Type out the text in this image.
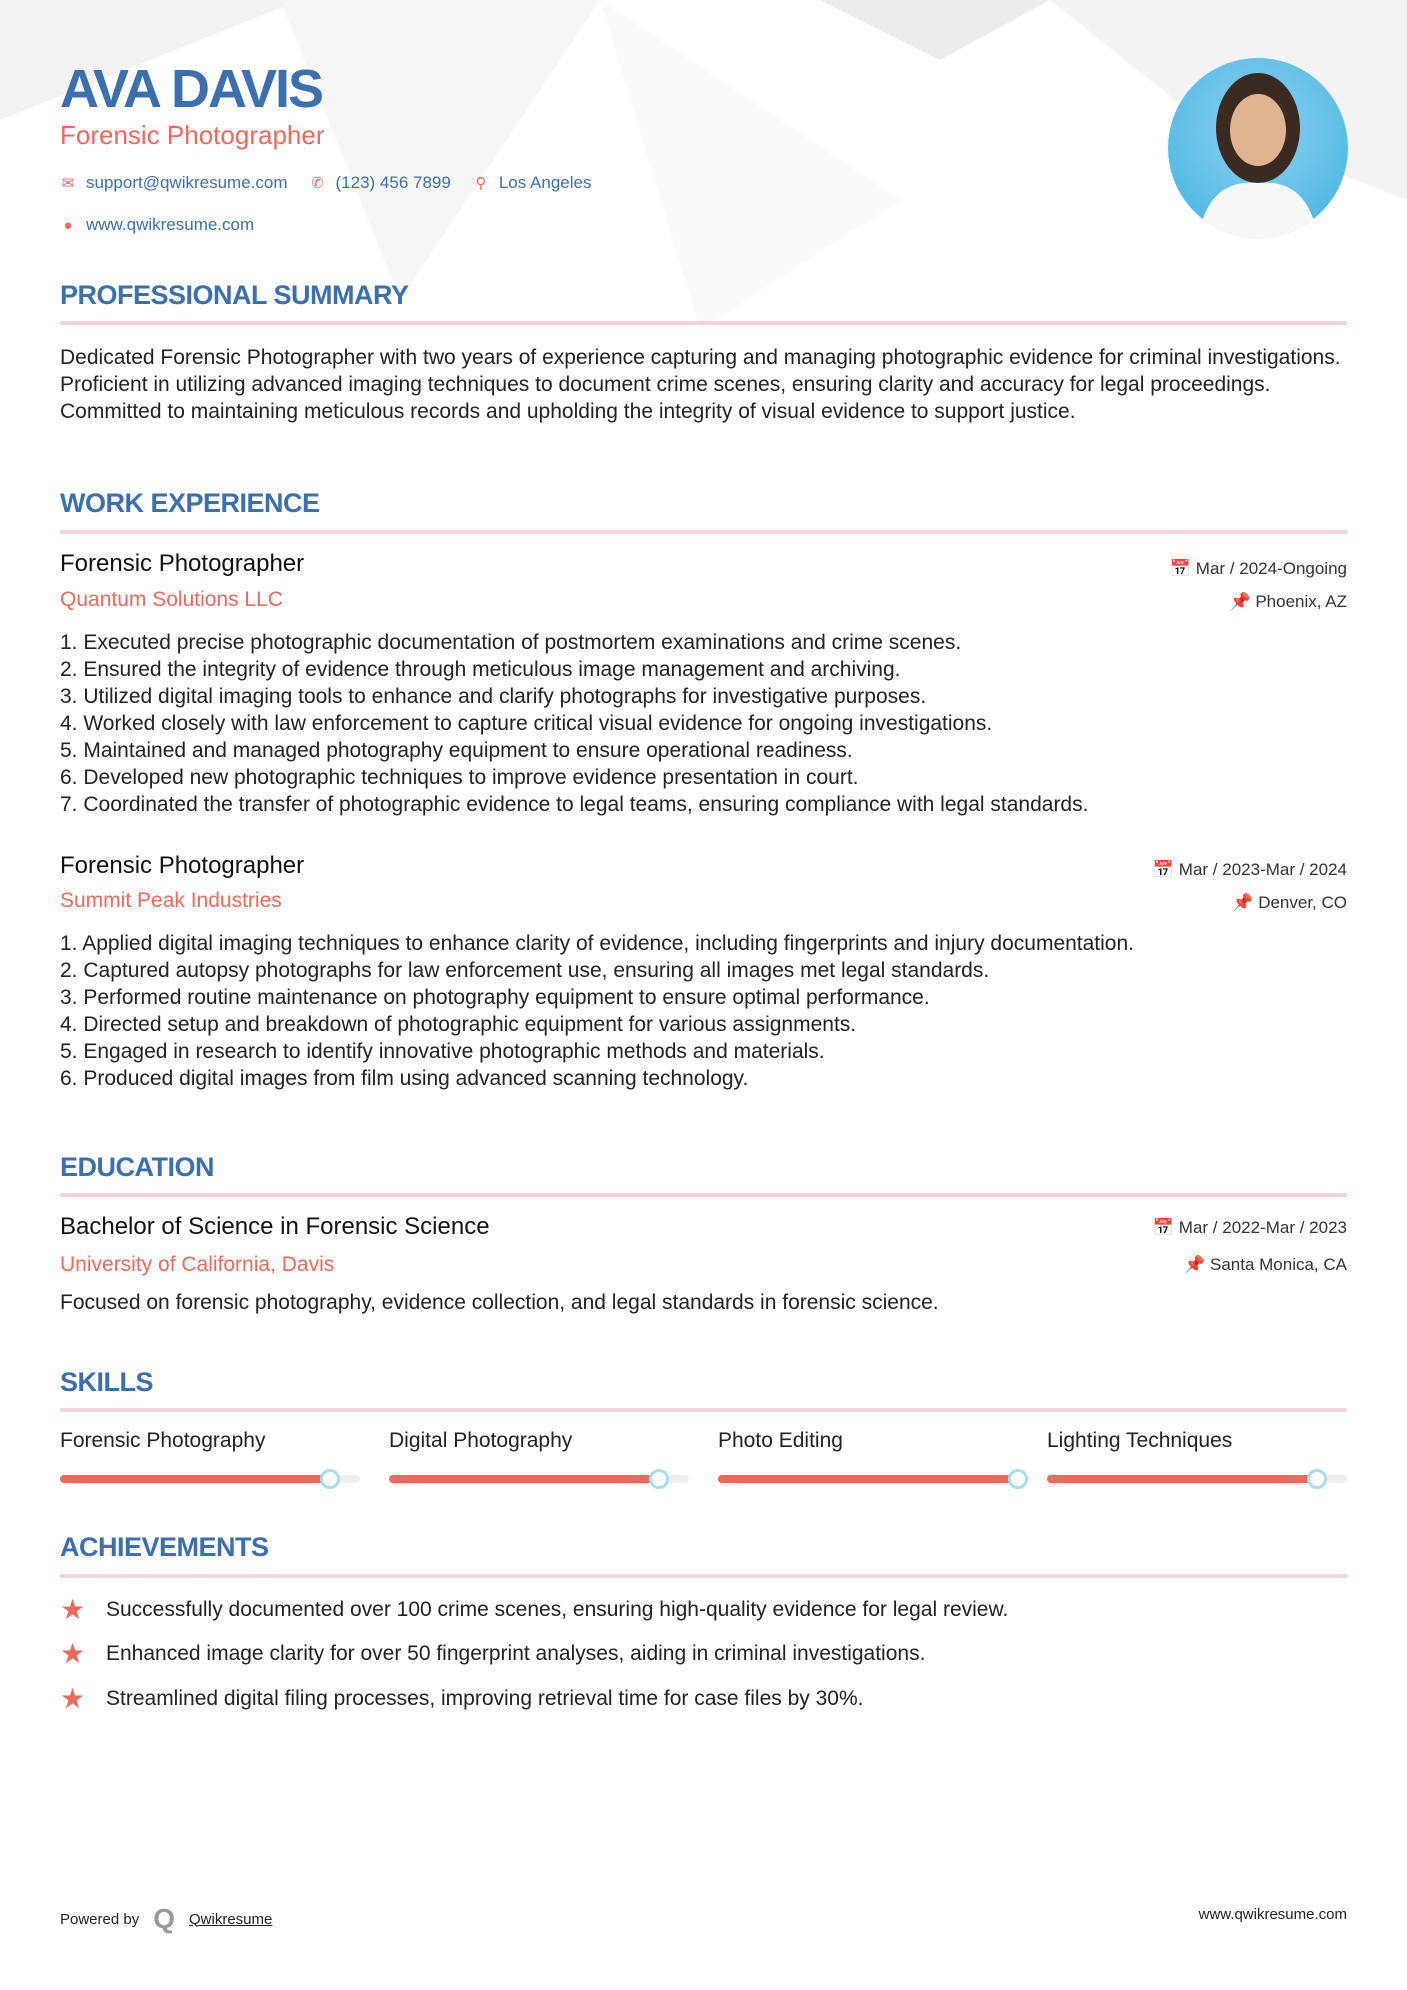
AVA DAVIS
Forensic Photographer
✉ support@qwikresume.com ✆ (123) 456 7899	⚲ Los Angeles
● www.qwikresume.com
PROFESSIONAL SUMMARY
Dedicated Forensic Photographer with two years of experience capturing and managing photographic evidence for criminal investigations. Proficient in utilizing advanced imaging techniques to document crime scenes, ensuring clarity and accuracy for legal proceedings. Committed to maintaining meticulous records and upholding the integrity of visual evidence to support justice.
WORK EXPERIENCE
Forensic Photographer	📅 Mar / 2024-Ongoing
Quantum Solutions LLC	📌 Phoenix, AZ
1. Executed precise photographic documentation of postmortem examinations and crime scenes.
2. Ensured the integrity of evidence through meticulous image management and archiving.
3. Utilized digital imaging tools to enhance and clarify photographs for investigative purposes.
4. Worked closely with law enforcement to capture critical visual evidence for ongoing investigations.
5. Maintained and managed photography equipment to ensure operational readiness.
6. Developed new photographic techniques to improve evidence presentation in court.
7. Coordinated the transfer of photographic evidence to legal teams, ensuring compliance with legal standards.
Forensic Photographer	📅 Mar / 2023-Mar / 2024
Summit Peak Industries	📌 Denver, CO
1. Applied digital imaging techniques to enhance clarity of evidence, including fingerprints and injury documentation.
2. Captured autopsy photographs for law enforcement use, ensuring all images met legal standards.
3. Performed routine maintenance on photography equipment to ensure optimal performance.
4. Directed setup and breakdown of photographic equipment for various assignments.
5. Engaged in research to identify innovative photographic methods and materials.
6. Produced digital images from film using advanced scanning technology.
EDUCATION
Bachelor of Science in Forensic Science	📅 Mar / 2022-Mar / 2023
University of California, Davis	📌 Santa Monica, CA
Focused on forensic photography, evidence collection, and legal standards in forensic science.
SKILLS
Forensic Photography	Digital Photography	Photo Editing	Lighting Techniques
ACHIEVEMENTS
★ Successfully documented over 100 crime scenes, ensuring high-quality evidence for legal review.
★ Enhanced image clarity for over 50 fingerprint analyses, aiding in criminal investigations.
★ Streamlined digital filing processes, improving retrieval time for case files by 30%.
Powered by Q Qwikresume	www.qwikresume.com
